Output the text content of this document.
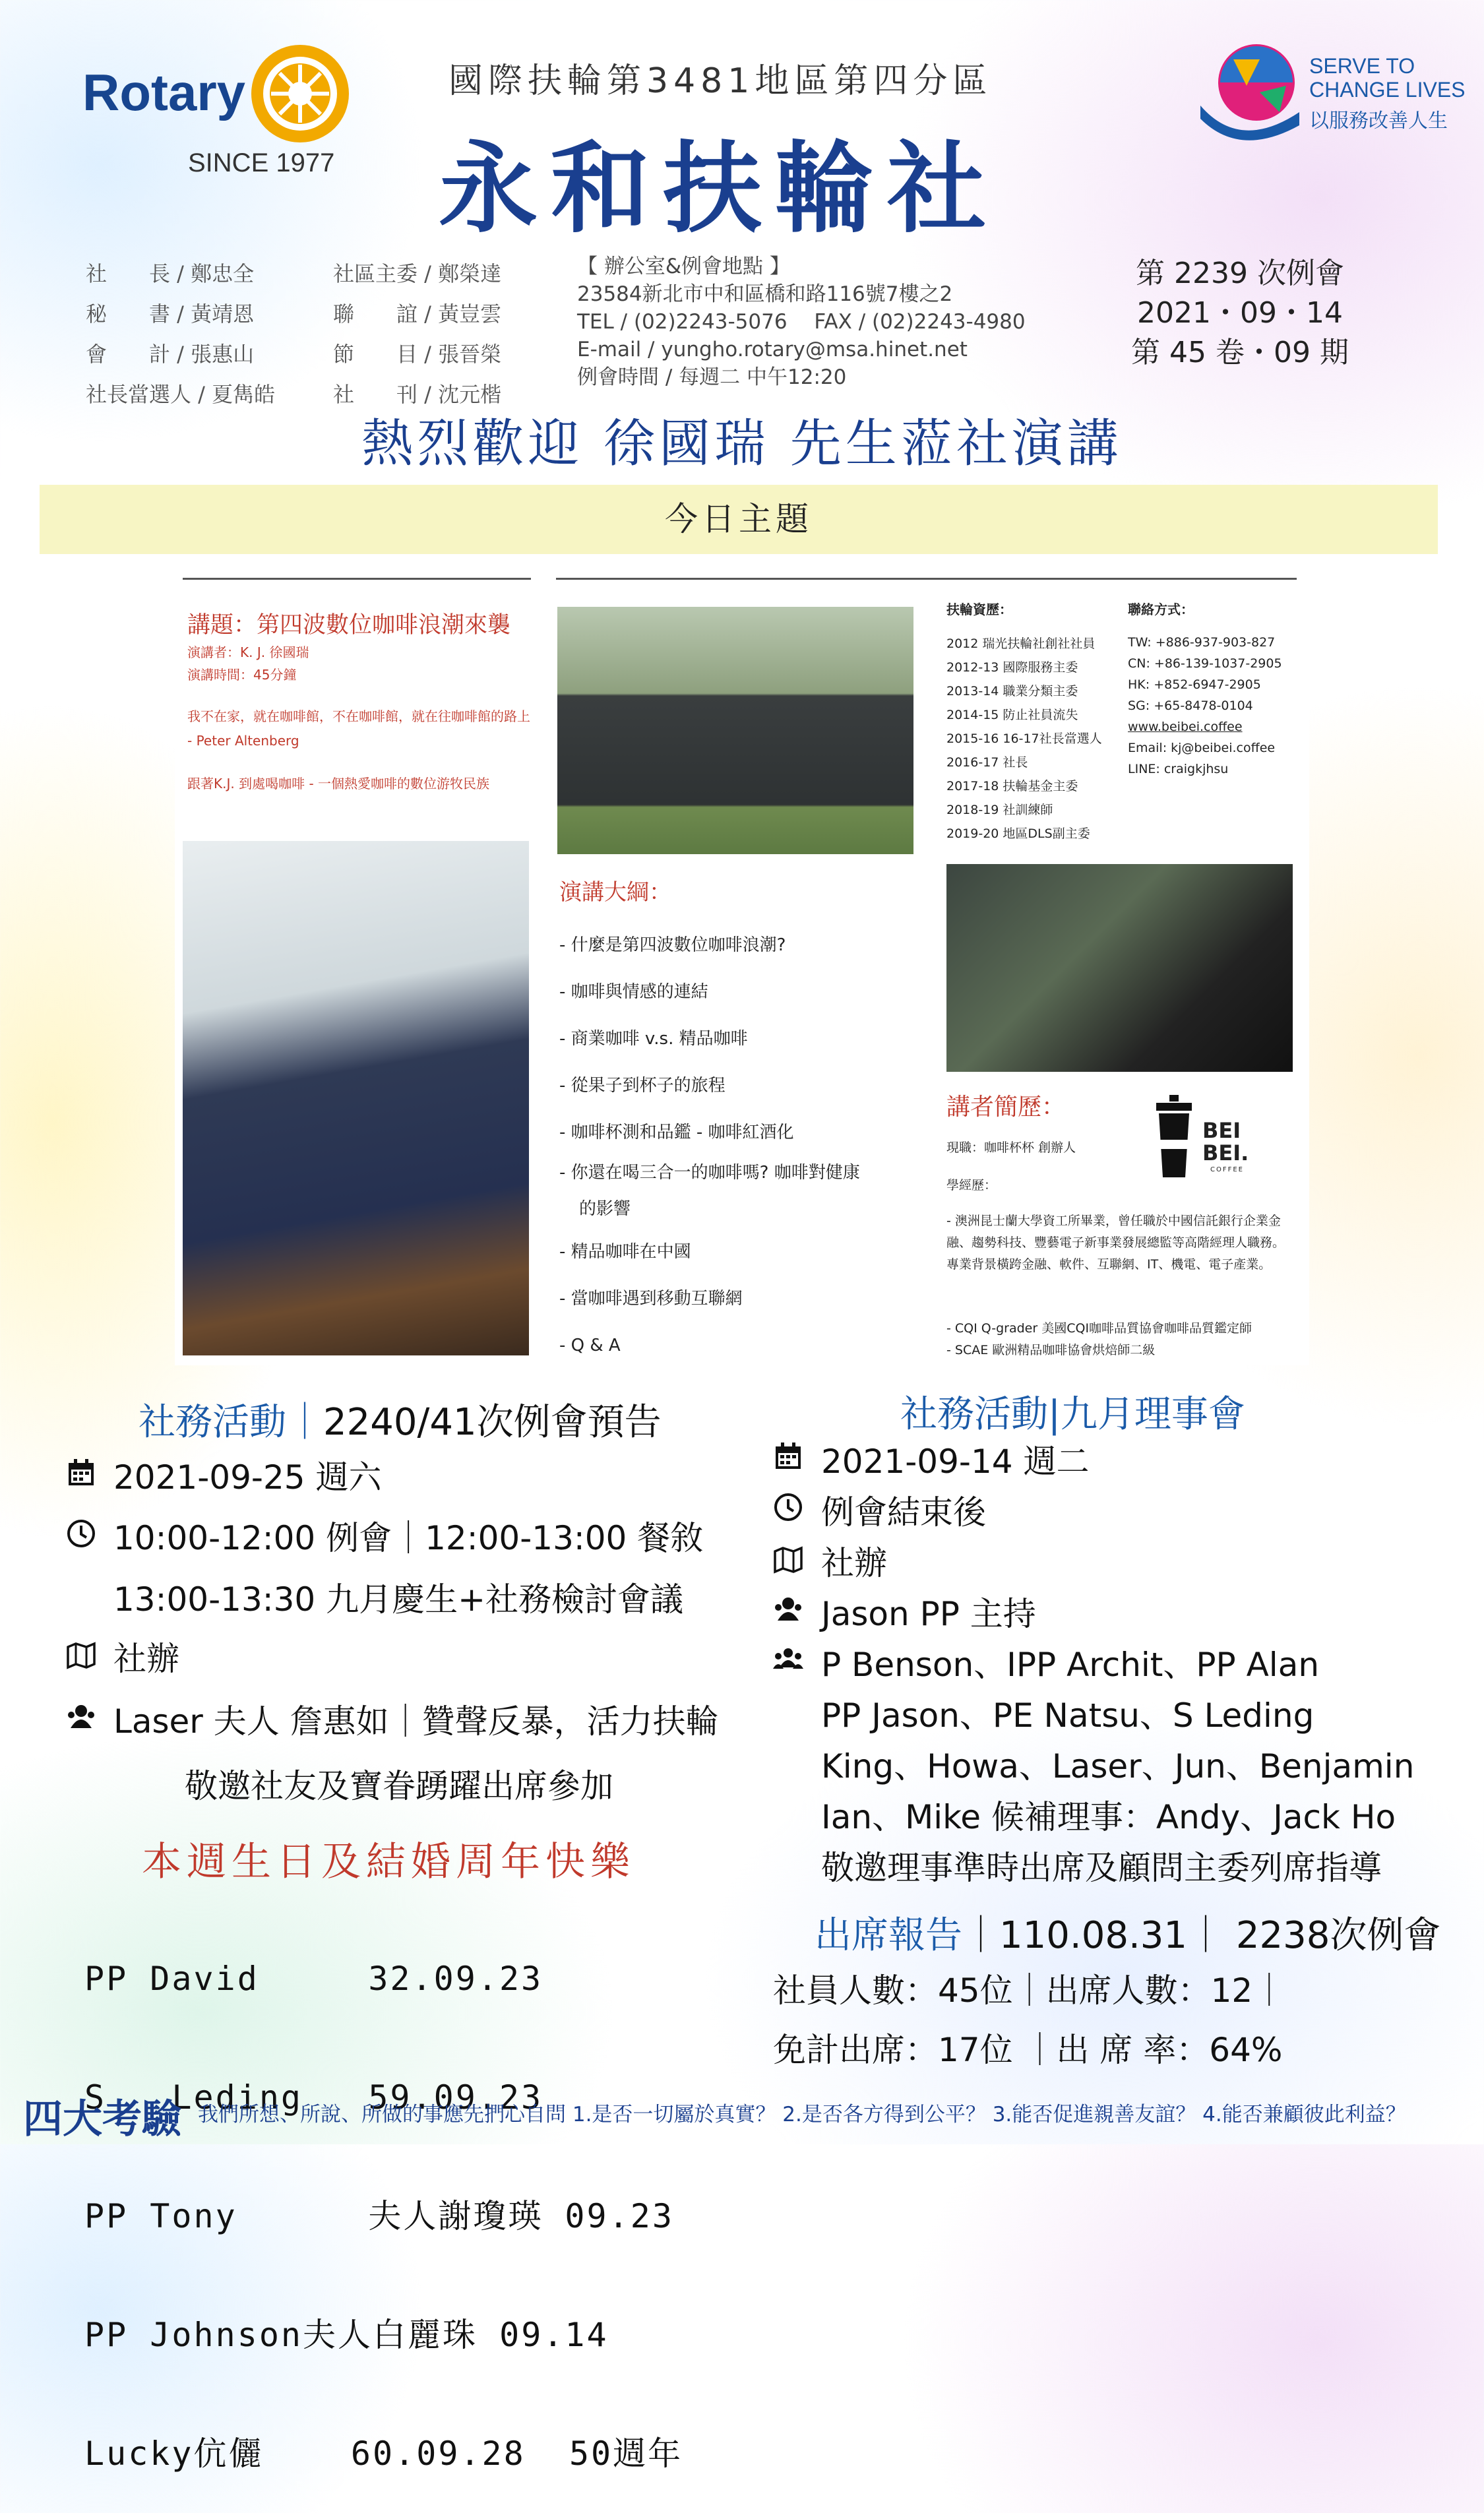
Rotary
SINCE 1977
國際扶輪第3481地區第四分區
永和扶輪社
SERVE TO
CHANGE LIVES
以服務改善人生
社　　長 / 鄭忠全
秘　　書 / 黃靖恩
會　　計 / 張惠山
社長當選人 / 夏雋皓
社區主委 / 鄭榮達
聯　　誼 / 黃豈雲
節　　目 / 張晉榮
社　　刊 / 沈元楷
【 辦公室&例會地點 】
23584新北市中和區橋和路116號7樓之2
TEL / (02)2243-5076　 FAX / (02)2243-4980
E-mail / yungho.rotary@msa.hinet.net
例會時間 / 每週二 中午12:20
第 2239 次例會
2021・09・14
第 45 卷・09 期
熱烈歡迎 徐國瑞 先生蒞社演講
今日主題
講題：第四波數位咖啡浪潮來襲
演講者：K. J. 徐國瑞
演講時間：45分鐘
我不在家，就在咖啡館，不在咖啡館，就在往咖啡館的路上 - Peter Altenberg
跟著K.J. 到處喝咖啡 - 一個熱愛咖啡的數位游牧民族
扶輪資歷：
2012 瑞光扶輪社創社社員
2012-13 國際服務主委
2013-14 職業分類主委
2014-15 防止社員流失
2015-16 16-17社長當選人
2016-17 社長
2017-18 扶輪基金主委
2018-19 社訓練師
2019-20 地區DLS副主委
聯絡方式：
TW: +886-937-903-827
CN: +86-139-1037-2905
HK: +852-6947-2905
SG: +65-8478-0104
www.beibei.coffee
Email: kj@beibei.coffee
LINE: craigkjhsu
演講大綱：
- 什麼是第四波數位咖啡浪潮?
- 咖啡與情感的連結
- 商業咖啡 v.s. 精品咖啡
- 從果子到杯子的旅程
- 咖啡杯測和品鑑 - 咖啡紅酒化
- 你還在喝三合一的咖啡嗎? 咖啡對健康
的影響
- 精品咖啡在中國
- 當咖啡遇到移動互聯網
- Q & A
講者簡歷：
現職：咖啡杯杯 創辦人
學經歷：
- 澳洲昆士蘭大學資工所畢業，曾任職於中國信託銀行企業金融、趨勢科技、豐藝電子新事業發展總監等高階經理人職務。專業背景橫跨金融、軟件、互聯網、IT、機電、電子產業。
- CQI Q-grader 美國CQI咖啡品質協會咖啡品質鑑定師
- SCAE 歐洲精品咖啡協會烘焙師二級
BEI
BEI.
COFFEE
社務活動｜2240/41次例會預告
2021-09-25 週六
10:00-12:00 例會｜12:00-13:00 餐敘
13:00-13:30 九月慶生+社務檢討會議
社辦
Laser 夫人 詹惠如｜贊聲反暴，活力扶輪
敬邀社友及寶眷踴躍出席參加
社務活動|九月理事會
2021-09-14 週二
例會結束後
社辦
Jason PP 主持
P Benson、IPP Archit、PP Alan
PP Jason、PE Natsu、S Leding
King、Howa、Laser、Jun、Benjamin
Ian、Mike 候補理事：Andy、Jack Ho
敬邀理事準時出席及顧問主委列席指導
本週生日及結婚周年快樂

PP David     32.09.23

S   Leding   59.09.23

PP Tony      夫人謝瓊瑛 09.23

PP Johnson夫人白麗珠 09.14

Lucky伉儷    60.09.28  50週年

出席報告｜110.08.31｜ 2238次例會
社員人數：45位｜出席人數：12｜
免計出席：17位 ｜出 席 率：64%
四大考驗 我們所想、所說、所做的事應先捫心自問 1.是否一切屬於真實？ 2.是否各方得到公平？ 3.能否促進親善友誼？ 4.能否兼顧彼此利益？
